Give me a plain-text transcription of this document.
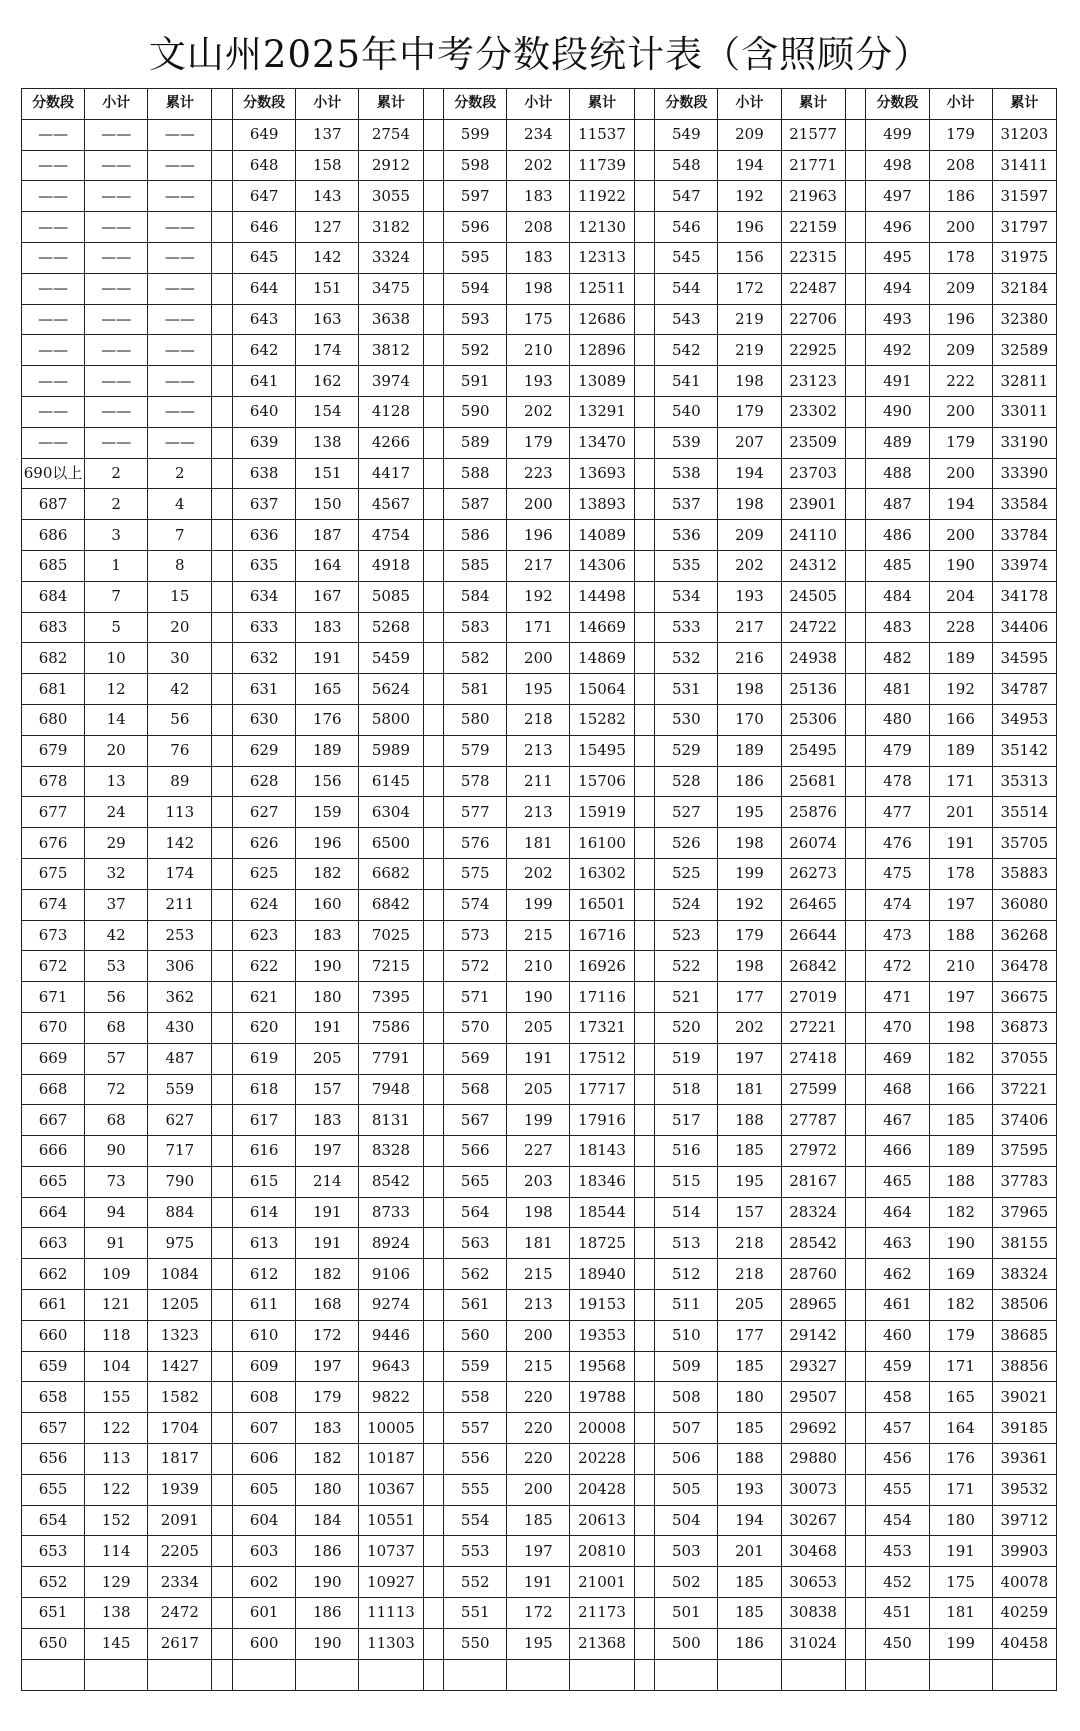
文山州2025年中考分数段统计表（含照顾分）
分数段	小计	累计		分数段	小计	累计		分数段	小计	累计		分数段	小计	累计		分数段	小计	累计
——	——	——		649	137	2754		599	234	11537		549	209	21577		499	179	31203
——	——	——		648	158	2912		598	202	11739		548	194	21771		498	208	31411
——	——	——		647	143	3055		597	183	11922		547	192	21963		497	186	31597
——	——	——		646	127	3182		596	208	12130		546	196	22159		496	200	31797
——	——	——		645	142	3324		595	183	12313		545	156	22315		495	178	31975
——	——	——		644	151	3475		594	198	12511		544	172	22487		494	209	32184
——	——	——		643	163	3638		593	175	12686		543	219	22706		493	196	32380
——	——	——		642	174	3812		592	210	12896		542	219	22925		492	209	32589
——	——	——		641	162	3974		591	193	13089		541	198	23123		491	222	32811
——	——	——		640	154	4128		590	202	13291		540	179	23302		490	200	33011
——	——	——		639	138	4266		589	179	13470		539	207	23509		489	179	33190
690以上	2	2		638	151	4417		588	223	13693		538	194	23703		488	200	33390
687	2	4		637	150	4567		587	200	13893		537	198	23901		487	194	33584
686	3	7		636	187	4754		586	196	14089		536	209	24110		486	200	33784
685	1	8		635	164	4918		585	217	14306		535	202	24312		485	190	33974
684	7	15		634	167	5085		584	192	14498		534	193	24505		484	204	34178
683	5	20		633	183	5268		583	171	14669		533	217	24722		483	228	34406
682	10	30		632	191	5459		582	200	14869		532	216	24938		482	189	34595
681	12	42		631	165	5624		581	195	15064		531	198	25136		481	192	34787
680	14	56		630	176	5800		580	218	15282		530	170	25306		480	166	34953
679	20	76		629	189	5989		579	213	15495		529	189	25495		479	189	35142
678	13	89		628	156	6145		578	211	15706		528	186	25681		478	171	35313
677	24	113		627	159	6304		577	213	15919		527	195	25876		477	201	35514
676	29	142		626	196	6500		576	181	16100		526	198	26074		476	191	35705
675	32	174		625	182	6682		575	202	16302		525	199	26273		475	178	35883
674	37	211		624	160	6842		574	199	16501		524	192	26465		474	197	36080
673	42	253		623	183	7025		573	215	16716		523	179	26644		473	188	36268
672	53	306		622	190	7215		572	210	16926		522	198	26842		472	210	36478
671	56	362		621	180	7395		571	190	17116		521	177	27019		471	197	36675
670	68	430		620	191	7586		570	205	17321		520	202	27221		470	198	36873
669	57	487		619	205	7791		569	191	17512		519	197	27418		469	182	37055
668	72	559		618	157	7948		568	205	17717		518	181	27599		468	166	37221
667	68	627		617	183	8131		567	199	17916		517	188	27787		467	185	37406
666	90	717		616	197	8328		566	227	18143		516	185	27972		466	189	37595
665	73	790		615	214	8542		565	203	18346		515	195	28167		465	188	37783
664	94	884		614	191	8733		564	198	18544		514	157	28324		464	182	37965
663	91	975		613	191	8924		563	181	18725		513	218	28542		463	190	38155
662	109	1084		612	182	9106		562	215	18940		512	218	28760		462	169	38324
661	121	1205		611	168	9274		561	213	19153		511	205	28965		461	182	38506
660	118	1323		610	172	9446		560	200	19353		510	177	29142		460	179	38685
659	104	1427		609	197	9643		559	215	19568		509	185	29327		459	171	38856
658	155	1582		608	179	9822		558	220	19788		508	180	29507		458	165	39021
657	122	1704		607	183	10005		557	220	20008		507	185	29692		457	164	39185
656	113	1817		606	182	10187		556	220	20228		506	188	29880		456	176	39361
655	122	1939		605	180	10367		555	200	20428		505	193	30073		455	171	39532
654	152	2091		604	184	10551		554	185	20613		504	194	30267		454	180	39712
653	114	2205		603	186	10737		553	197	20810		503	201	30468		453	191	39903
652	129	2334		602	190	10927		552	191	21001		502	185	30653		452	175	40078
651	138	2472		601	186	11113		551	172	21173		501	185	30838		451	181	40259
650	145	2617		600	190	11303		550	195	21368		500	186	31024		450	199	40458
